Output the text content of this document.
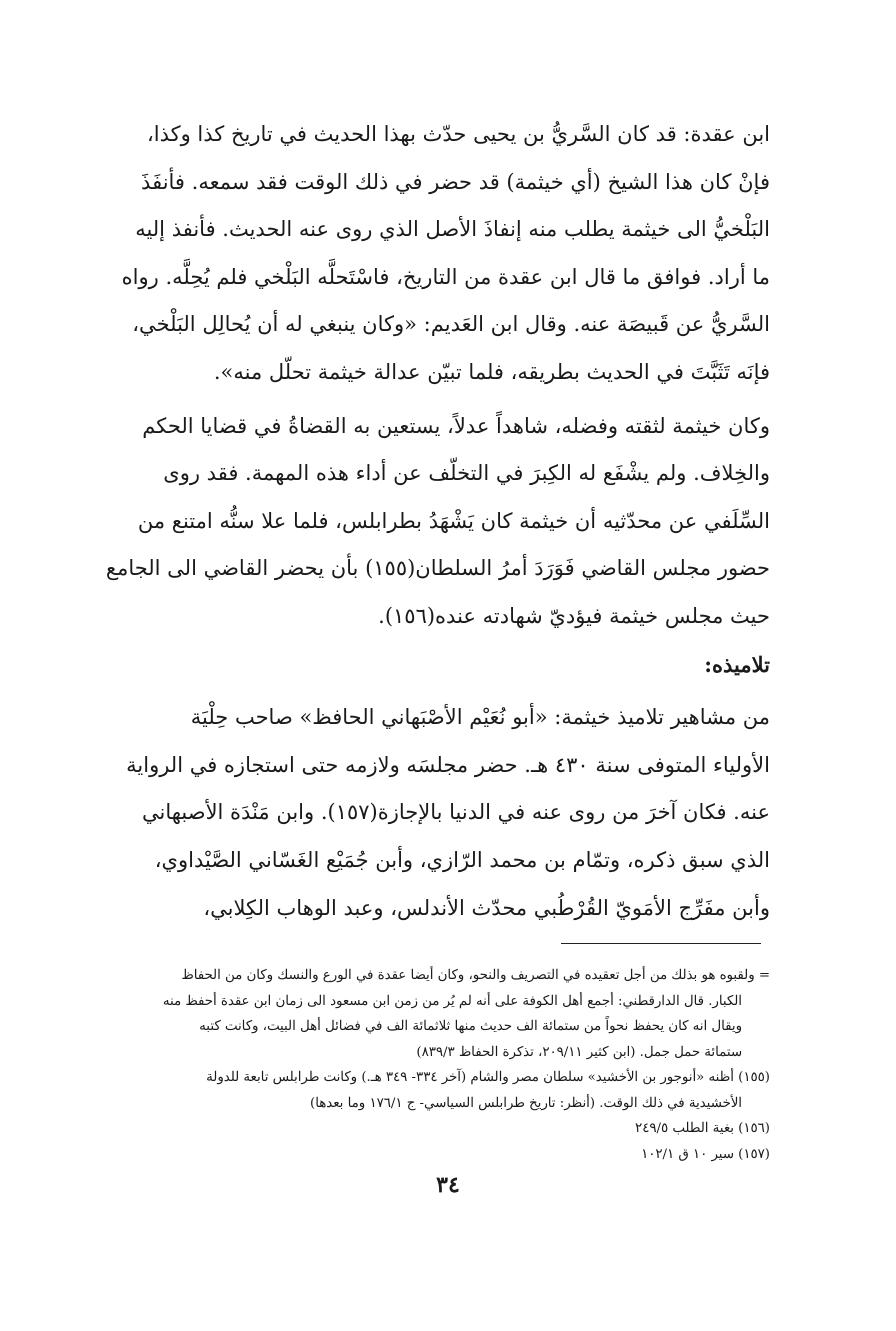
ابن عقدة: قد كان السَّريُّ بن يحيى حدّث بهذا الحديث في تاريخ كذا وكذا،

فإنْ كان هذا الشيخ (أي خيثمة) قد حضر في ذلك الوقت فقد سمعه. فأنفَذَ

البَلْخيُّ الى خيثمة يطلب منه إنفاذَ الأصل الذي روى عنه الحديث. فأنفذ إليه

ما أراد. فوافق ما قال ابن عقدة من التاريخ، فاسْتَحلَّه البَلْخي فلم يُحِلَّه. رواه

السَّريُّ عن قَبيصَة عنه. وقال ابن العَديم: «وكان ينبغي له أن يُحالِل البَلْخي،

فإنَه تَثَبَّتَ في الحديث بطريقه، فلما تبيّن عدالة خيثمة تحلّل منه».

وكان خيثمة لثقته وفضله، شاهداً عدلاً، يستعين به القضاةُ في قضايا الحكم

والخِلاف. ولم يشْفَع له الكِبرَ في التخلّف عن أداء هذه المهمة. فقد روى

السِّلَفي عن محدّثيه أن خيثمة كان يَشْهَدُ بطرابلس، فلما علا سنُّه امتنع من

حضور مجلس القاضي فَوَرَدَ أمرُ السلطان(١٥٥) بأن يحضر القاضي الى الجامع

حيث مجلس خيثمة فيؤديّ شهادته عنده(١٥٦).

تلاميذه:

من مشاهير تلاميذ خيثمة: «أبو نُعَيْم الأصْبَهاني الحافظ» صاحب حِلْيَة

الأولياء المتوفى سنة ٤٣٠ هـ. حضر مجلسَه ولازمه حتى استجازه في الرواية

عنه. فكان آخرَ من روى عنه في الدنيا بالإجازة(١٥٧). وابن مَنْدَة الأصبهاني

الذي سبق ذكره، وتمّام بن محمد الرّازي، وأبن جُمَيْع الغَسّاني الصَّيْداوي،

وأبن مفَرِّج الأمَويّ القُرْطُبي محدّث الأندلس، وعبد الوهاب الكِلابي،

= ولقبوه هو بذلك من أجل تعقيده في التصريف والنحو، وكان أيضا عقدة في الورع والنسك وكان من الحفاظ

الكبار. قال الدارقطني: أجمع أهل الكوفة على أنه لم يُر من زمن ابن مسعود الى زمان ابن عقدة أحفظ منه

ويقال انه كان يحفظ نحواً من ستمائة الف حديث منها ثلاثمائة الف في فضائل أهل البيت، وكانت كتبه

ستمائة حمل جمل. (ابن كثير ٢٠٩/١١، تذكرة الحفاظ ٨٣٩/٣)

(١٥٥) أظنه «أنوجور بن الأخشيد» سلطان مصر والشام (آخر ٣٣٤- ٣٤٩ هـ.) وكانت طرابلس تابعة للدولة

الأخشيدية في ذلك الوقت. (أنظر: تاريخ طرابلس السياسي- ج ١٧٦/١ وما بعدها)

(١٥٦) بغية الطلب ٢٤٩/٥

(١٥٧) سير ١٠ ق ١٠٢/١

٣٤
